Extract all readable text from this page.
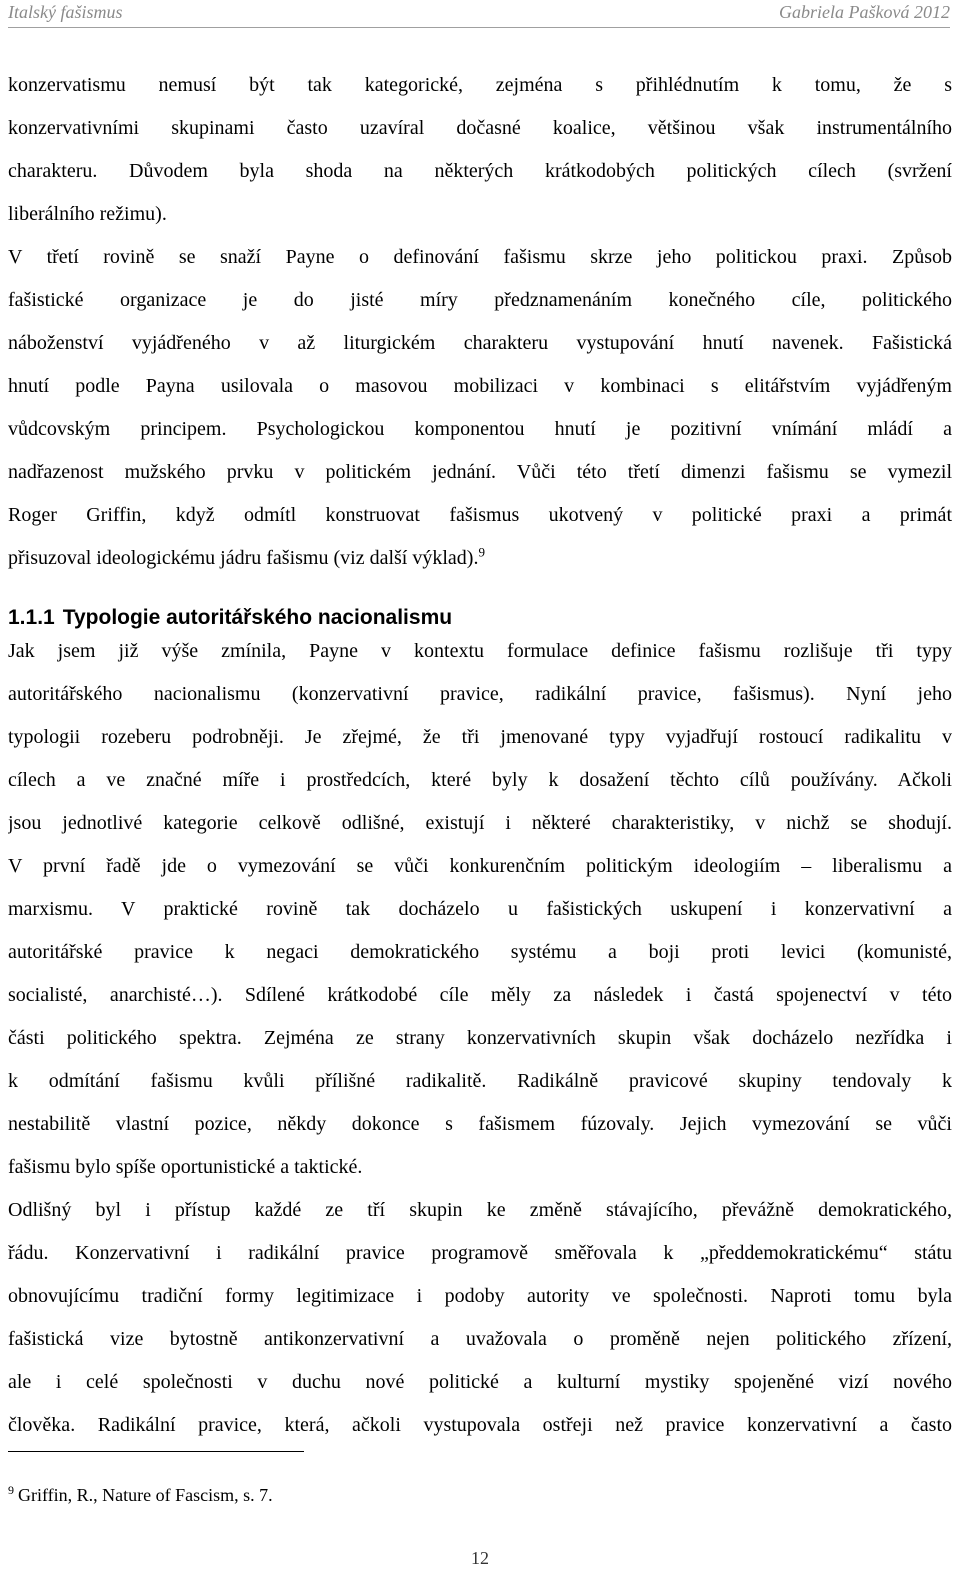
Italský fašismus	Gabriela Pašková 2012

konzervatismu nemusí být tak kategorické, zejména s přihlédnutím k tomu, že s
konzervativními skupinami často uzavíral dočasné koalice, většinou však instrumentálního
charakteru. Důvodem byla shoda na některých krátkodobých politických cílech (svržení
liberálního režimu).

V třetí rovině se snaží Payne o definování fašismu skrze jeho politickou praxi. Způsob
fašistické organizace je do jisté míry předznamenáním konečného cíle, politického
náboženství vyjádřeného v až liturgickém charakteru vystupování hnutí navenek. Fašistická
hnutí podle Payna usilovala o masovou mobilizaci v kombinaci s elitářstvím vyjádřeným
vůdcovským principem. Psychologickou komponentou hnutí je pozitivní vnímání mládí a
nadřazenost mužského prvku v politickém jednání. Vůči této třetí dimenzi fašismu se vymezil
Roger Griffin, když odmítl konstruovat fašismus ukotvený v politické praxi a primát
přisuzoval ideologickému jádru fašismu (viz další výklad).$^9$

1.1.1 Typologie autoritářského nacionalismu

Jak jsem již výše zmínila, Payne v kontextu formulace definice fašismu rozlišuje tři typy
autoritářského nacionalismu (konzervativní pravice, radikální pravice, fašismus). Nyní jeho
typologii rozeberu podrobněji. Je zřejmé, že tři jmenované typy vyjadřují rostoucí radikalitu v
cílech a ve značné míře i prostředcích, které byly k dosažení těchto cílů používány. Ačkoli
jsou jednotlivé kategorie celkově odlišné, existují i některé charakteristiky, v nichž se shodují.
V první řadě jde o vymezování se vůči konkurenčním politickým ideologiím – liberalismu a
marxismu. V praktické rovině tak docházelo u fašistických uskupení i konzervativní a
autoritářské pravice k negaci demokratického systému a boji proti levici (komunisté,
socialisté, anarchisté…). Sdílené krátkodobé cíle měly za následek i častá spojenectví v této
části politického spektra. Zejména ze strany konzervativních skupin však docházelo nezřídka i
k odmítání fašismu kvůli přílišné radikalitě. Radikálně pravicové skupiny tendovaly k
nestabilitě vlastní pozice, někdy dokonce s fašismem fúzovaly. Jejich vymezování se vůči
fašismu bylo spíše oportunistické a taktické.

Odlišný byl i přístup každé ze tří skupin ke změně stávajícího, převážně demokratického,
řádu. Konzervativní i radikální pravice programově směřovala k „předdemokratickému“ státu
obnovujícímu tradiční formy legitimizace i podoby autority ve společnosti. Naproti tomu byla
fašistická vize bytostně antikonzervativní a uvažovala o proměně nejen politického zřízení,
ale i celé společnosti v duchu nové politické a kulturní mystiky spojeněné vizí nového
člověka. Radikální pravice, která, ačkoli vystupovala ostřeji než pravice konzervativní a často

$^9$ Griffin, R., Nature of Fascism, s. 7.

12
